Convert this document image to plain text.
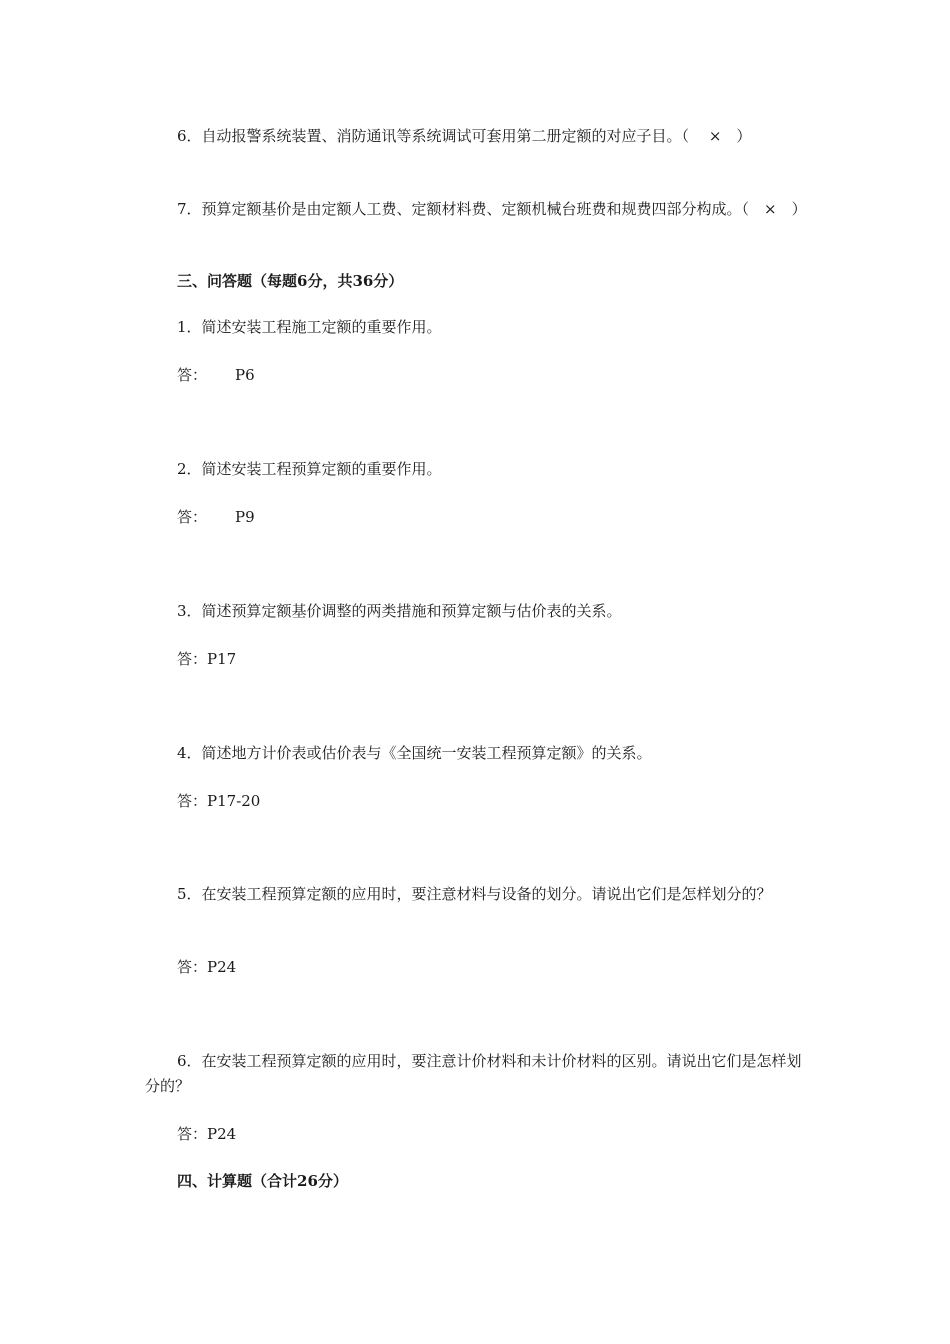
6．自动报警系统装置、消防通讯等系统调试可套用第二册定额的对应子目。（　 ×　）

7．预算定额基价是由定额人工费、定额材料费、定额机械台班费和规费四部分构成。（　×　）

三、问答题（每题6分，共36分）

1．简述安装工程施工定额的重要作用。

答： P6

2．简述安装工程预算定额的重要作用。

答： P9

3．简述预算定额基价调整的两类措施和预算定额与估价表的关系。

答：P17

4．简述地方计价表或估价表与《全国统一安装工程预算定额》的关系。

答：P17-20

5．在安装工程预算定额的应用时，要注意材料与设备的划分。请说出它们是怎样划分的？

答：P24

6．在安装工程预算定额的应用时，要注意计价材料和未计价材料的区别。请说出它们是怎样划分的？

答：P24

四、计算题（合计26分）
